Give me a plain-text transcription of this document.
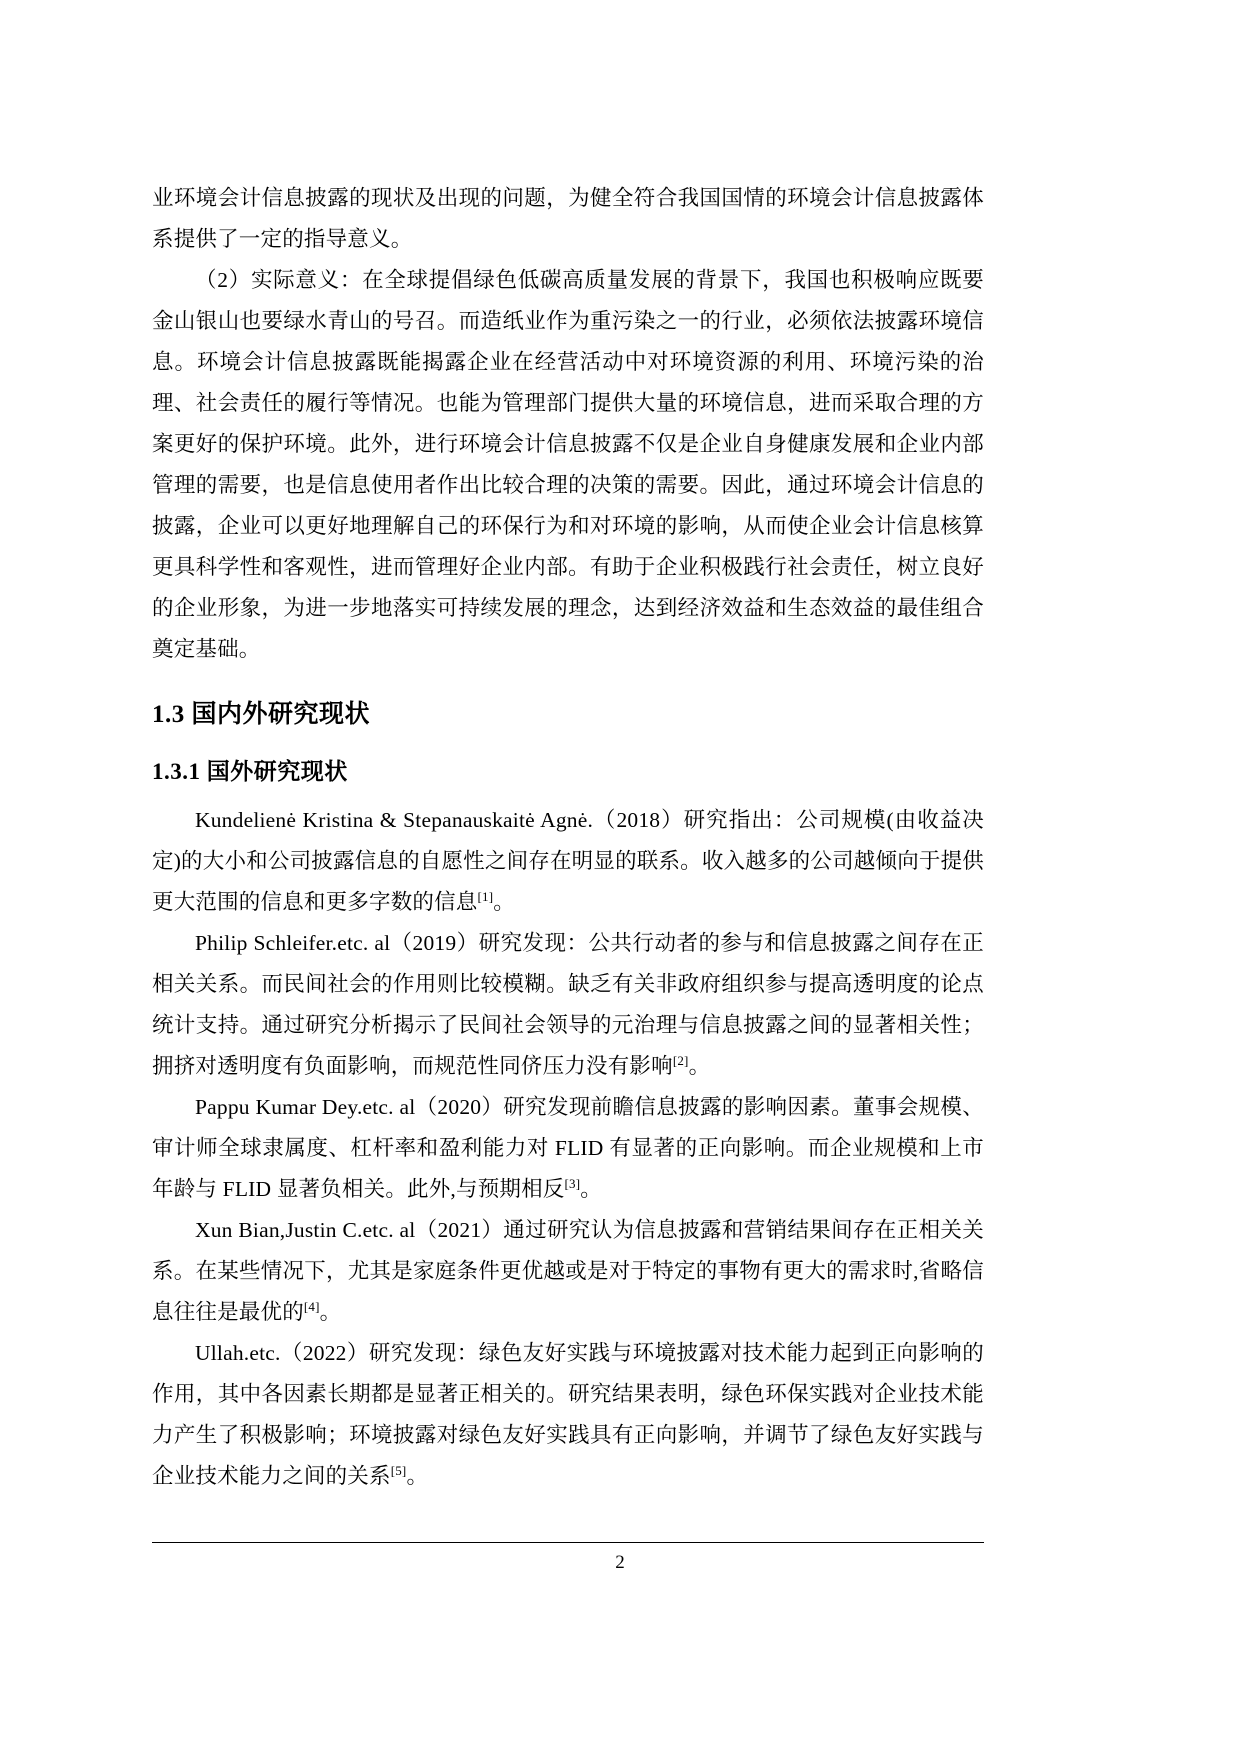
业环境会计信息披露的现状及出现的问题，为健全符合我国国情的环境会计信息披露体系提供了一定的指导意义。

（2）实际意义：在全球提倡绿色低碳高质量发展的背景下，我国也积极响应既要金山银山也要绿水青山的号召。而造纸业作为重污染之一的行业，必须依法披露环境信息。环境会计信息披露既能揭露企业在经营活动中对环境资源的利用、环境污染的治理、社会责任的履行等情况。也能为管理部门提供大量的环境信息，进而采取合理的方案更好的保护环境。此外，进行环境会计信息披露不仅是企业自身健康发展和企业内部管理的需要，也是信息使用者作出比较合理的决策的需要。因此，通过环境会计信息的披露，企业可以更好地理解自己的环保行为和对环境的影响，从而使企业会计信息核算更具科学性和客观性，进而管理好企业内部。有助于企业积极践行社会责任，树立良好的企业形象，为进一步地落实可持续发展的理念，达到经济效益和生态效益的最佳组合奠定基础。

1.3 国内外研究现状
1.3.1 国外研究现状

Kundelienė Kristina & Stepanauskaitė Agnė.（2018）研究指出：公司规模(由收益决定)的大小和公司披露信息的自愿性之间存在明显的联系。收入越多的公司越倾向于提供更大范围的信息和更多字数的信息[1]。

Philip Schleifer.etc. al（2019）研究发现：公共行动者的参与和信息披露之间存在正相关关系。而民间社会的作用则比较模糊。缺乏有关非政府组织参与提高透明度的论点统计支持。通过研究分析揭示了民间社会领导的元治理与信息披露之间的显著相关性；拥挤对透明度有负面影响，而规范性同侪压力没有影响[2]。

Pappu Kumar Dey.etc. al（2020）研究发现前瞻信息披露的影响因素。董事会规模、审计师全球隶属度、杠杆率和盈利能力对 FLID 有显著的正向影响。而企业规模和上市年龄与 FLID 显著负相关。此外,与预期相反[3]。

Xun Bian,Justin C.etc. al（2021）通过研究认为信息披露和营销结果间存在正相关关系。在某些情况下，尤其是家庭条件更优越或是对于特定的事物有更大的需求时,省略信息往往是最优的[4]。

Ullah.etc.（2022）研究发现：绿色友好实践与环境披露对技术能力起到正向影响的作用，其中各因素长期都是显著正相关的。研究结果表明，绿色环保实践对企业技术能力产生了积极影响；环境披露对绿色友好实践具有正向影响，并调节了绿色友好实践与企业技术能力之间的关系[5]。

2
